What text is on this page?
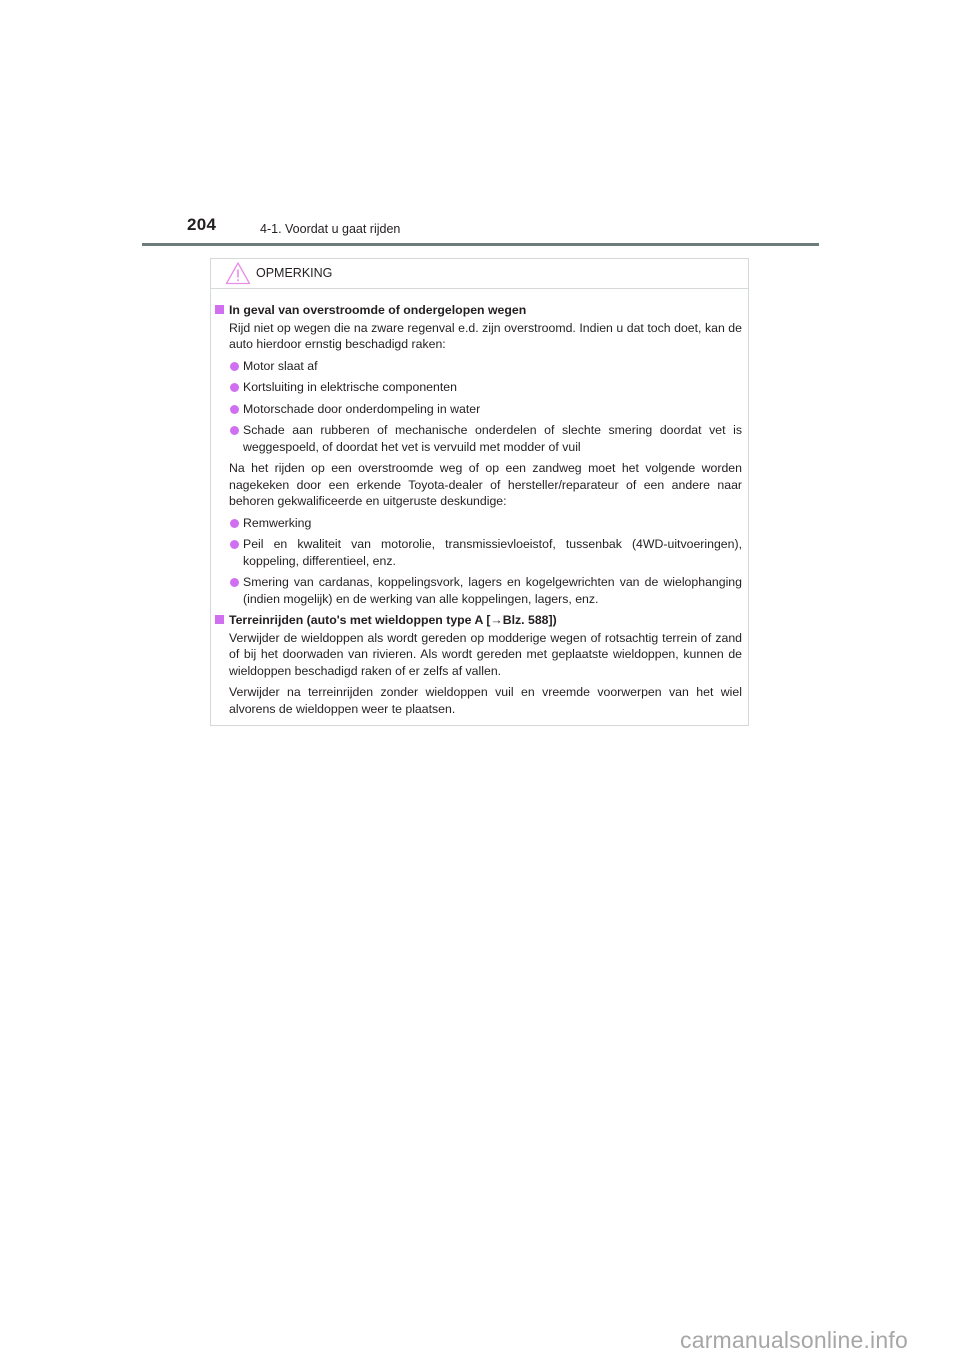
204	4-1. Voordat u gaat rijden
OPMERKING
In geval van overstroomde of ondergelopen wegen
Rijd niet op wegen die na zware regenval e.d. zijn overstroomd. Indien u dat toch doet, kan de auto hierdoor ernstig beschadigd raken:
Motor slaat af
Kortsluiting in elektrische componenten
Motorschade door onderdompeling in water
Schade aan rubberen of mechanische onderdelen of slechte smering doordat vet is weggespoeld, of doordat het vet is vervuild met modder of vuil
Na het rijden op een overstroomde weg of op een zandweg moet het volgende worden nagekeken door een erkende Toyota-dealer of hersteller/reparateur of een andere naar behoren gekwalificeerde en uitgeruste deskundige:
Remwerking
Peil en kwaliteit van motorolie, transmissievloeistof, tussenbak (4WD-uitvoeringen), koppeling, differentieel, enz.
Smering van cardanas, koppelingsvork, lagers en kogelgewrichten van de wielophanging (indien mogelijk) en de werking van alle koppelingen, lagers, enz.
Terreinrijden (auto's met wieldoppen type A [→Blz. 588])
Verwijder de wieldoppen als wordt gereden op modderige wegen of rotsachtig terrein of zand of bij het doorwaden van rivieren. Als wordt gereden met geplaatste wieldoppen, kunnen de wieldoppen beschadigd raken of er zelfs af vallen.
Verwijder na terreinrijden zonder wieldoppen vuil en vreemde voorwerpen van het wiel alvorens de wieldoppen weer te plaatsen.
carmanualsonline.info
